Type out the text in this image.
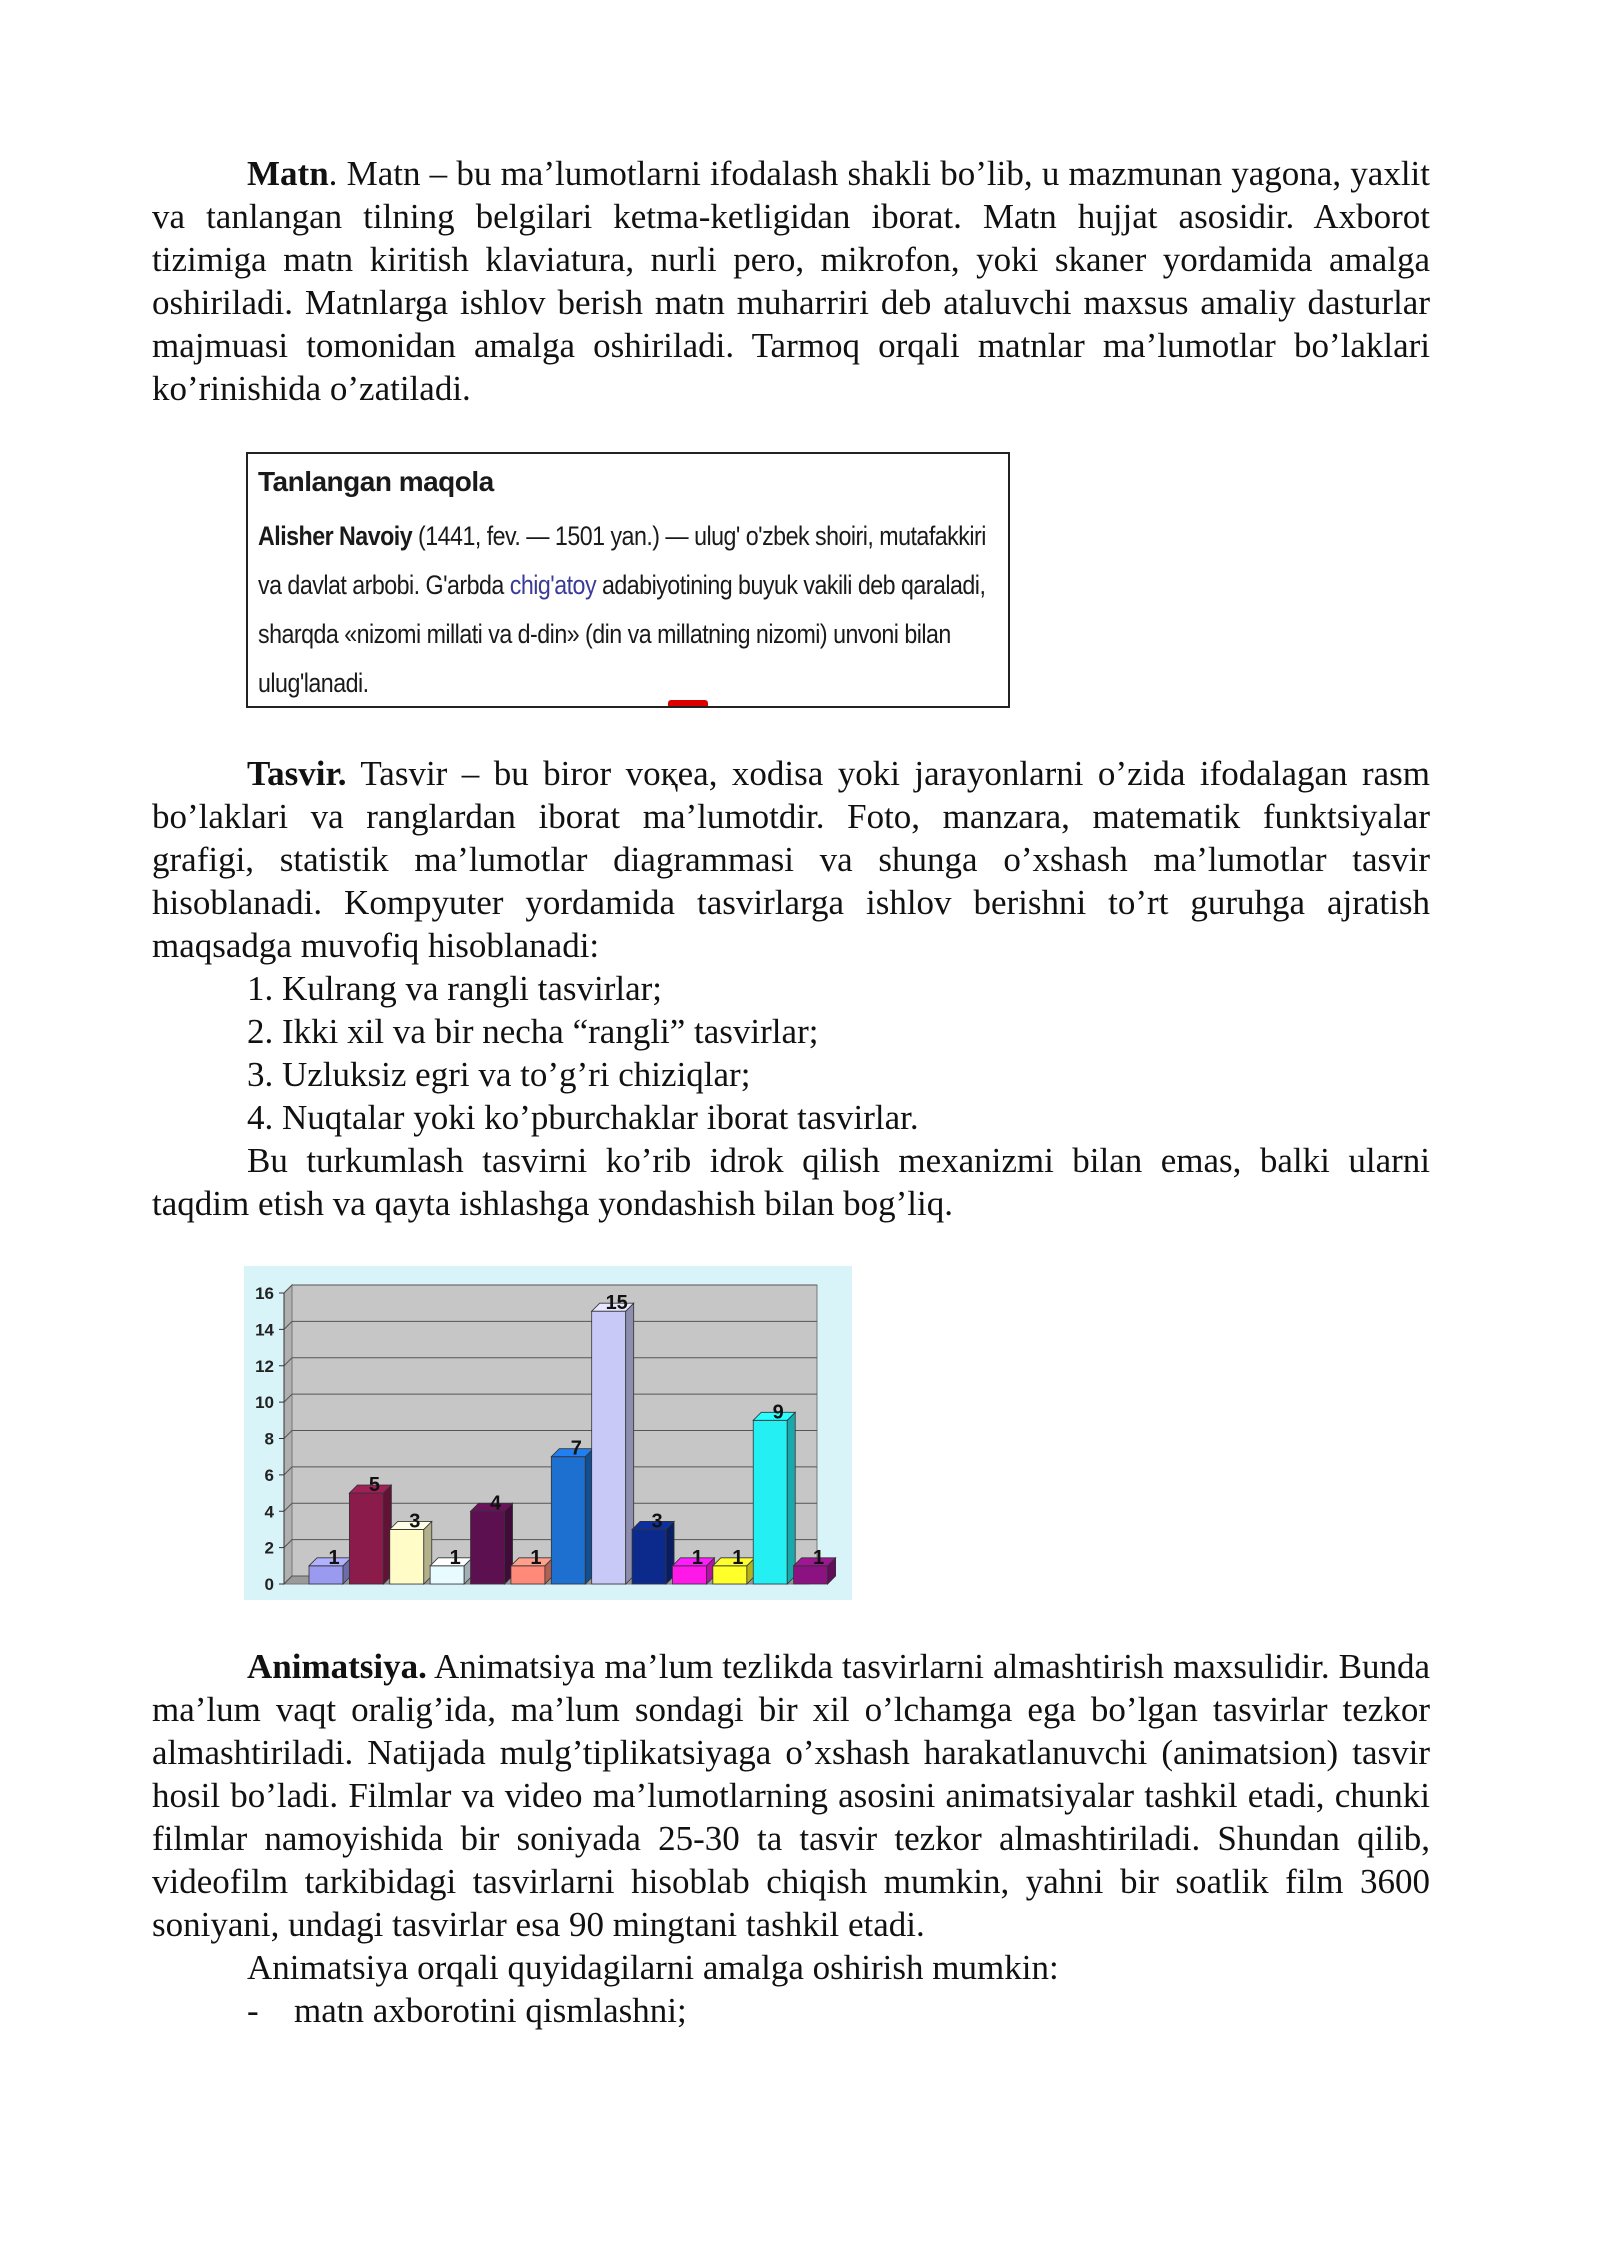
Matn. Matn – bu ma’lumotlarni ifodalash shakli bo’lib, u mazmunan yagona, yaxlit va tanlangan tilning belgilari ketma-ketligidan iborat. Matn hujjat asosidir. Axborot tizimiga matn kiritish klaviatura, nurli pero, mikrofon, yoki skaner yordamida amalga oshiriladi. Matnlarga ishlov berish matn muharriri deb ataluvchi maxsus amaliy dasturlar majmuasi tomonidan amalga oshiriladi. Tarmoq orqali matnlar ma’lumotlar bo’laklari ko’rinishida o’zatiladi.

Tanlangan maqola
Alisher Navoiy (1441, fev. — 1501 yan.) — ulug' o'zbek shoiri, mutafakkiri va davlat arbobi. G'arbda chig'atoy adabiyotining buyuk vakili deb qaraladi, sharqda «nizomi millati va d-din» (din va millatning nizomi) unvoni bilan ulug'lanadi.

Tasvir. Tasvir – bu biror voқea, xodisa yoki jarayonlarni o’zida ifodalagan rasm bo’laklari va ranglardan iborat ma’lumotdir. Foto, manzara, matematik funktsiyalar grafigi, statistik ma’lumotlar diagrammasi va shunga o’xshash ma’lumotlar tasvir hisoblanadi. Kompyuter yordamida tasvirlarga ishlov berishni to’rt guruhga ajratish maqsadga muvofiq hisoblanadi:

1. Kulrang va rangli tasvirlar;

2. Ikki xil va bir necha “rangli” tasvirlar;

3. Uzluksiz egri va to’g’ri chiziqlar;

4. Nuqtalar yoki ko’pburchaklar iborat tasvirlar.

Bu turkumlash tasvirni ko’rib idrok qilish mexanizmi bilan emas, balki ularni taqdim etish va qayta ishlashga yondashish bilan bog’liq.

0
2
4
6
8
10
12
14
16
1
5
3
1
4
1
7
15
3
1 1
9
1

Animatsiya. Animatsiya ma’lum tezlikda tasvirlarni almashtirish maxsulidir. Bunda ma’lum vaqt oralig’ida, ma’lum sondagi bir xil o’lchamga ega bo’lgan tasvirlar tezkor almashtiriladi. Natijada mulg’tiplikatsiyaga o’xshash harakatlanuvchi (animatsion) tasvir hosil bo’ladi. Filmlar va video ma’lumotlarning asosini animatsiyalar tashkil etadi, chunki filmlar namoyishida bir soniyada 25-30 ta tasvir tezkor almashtiriladi. Shundan qilib, videofilm tarkibidagi tasvirlarni hisoblab chiqish mumkin, yahni bir soatlik film 3600 soniyani, undagi tasvirlar esa 90 mingtani tashkil etadi.

Animatsiya orqali quyidagilarni amalga oshirish mumkin:

- matn axborotini qismlashni;
